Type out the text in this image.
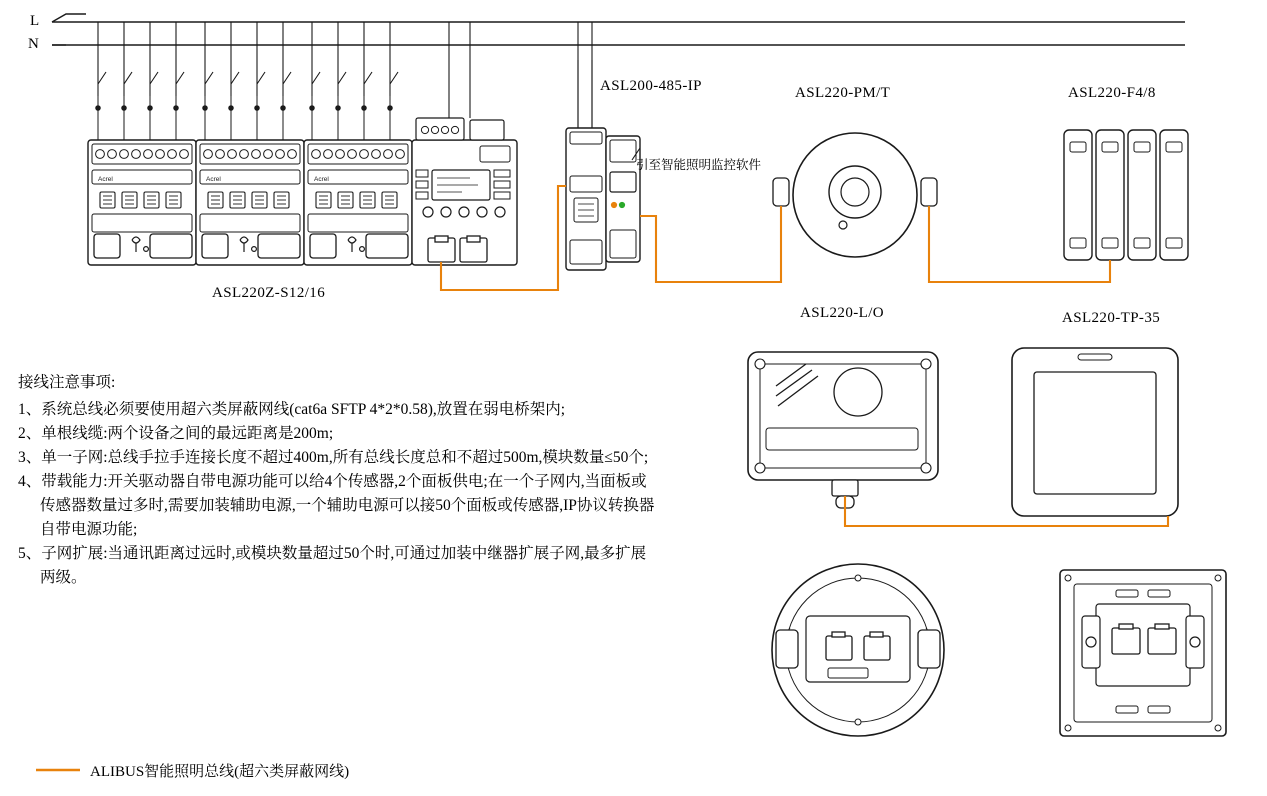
Acrel	Acrel	Acrel
L
N
ASL220Z-S12/16
ASL200-485-IP	ASL220-PM/T	ASL220-F4/8
ASL220-L/O	ASL220-TP-35
引至智能照明监控软件
接线注意事项:

1、系统总线必须要使用超六类屏蔽网线(cat6a SFTP 4*2*0.58),放置在弱电桥架内;

2、单根线缆:两个设备之间的最远距离是200m;

3、单一子网:总线手拉手连接长度不超过400m,所有总线长度总和不超过500m,模块数量≤50个;

4、带载能力:开关驱动器自带电源功能可以给4个传感器,2个面板供电;在一个子网内,当面板或传感器数量过多时,需要加装辅助电源,一个辅助电源可以接50个面板或传感器,IP协议转换器自带电源功能;

5、子网扩展:当通讯距离过远时,或模块数量超过50个时,可通过加装中继器扩展子网,最多扩展两级。

ALIBUS智能照明总线(超六类屏蔽网线)
